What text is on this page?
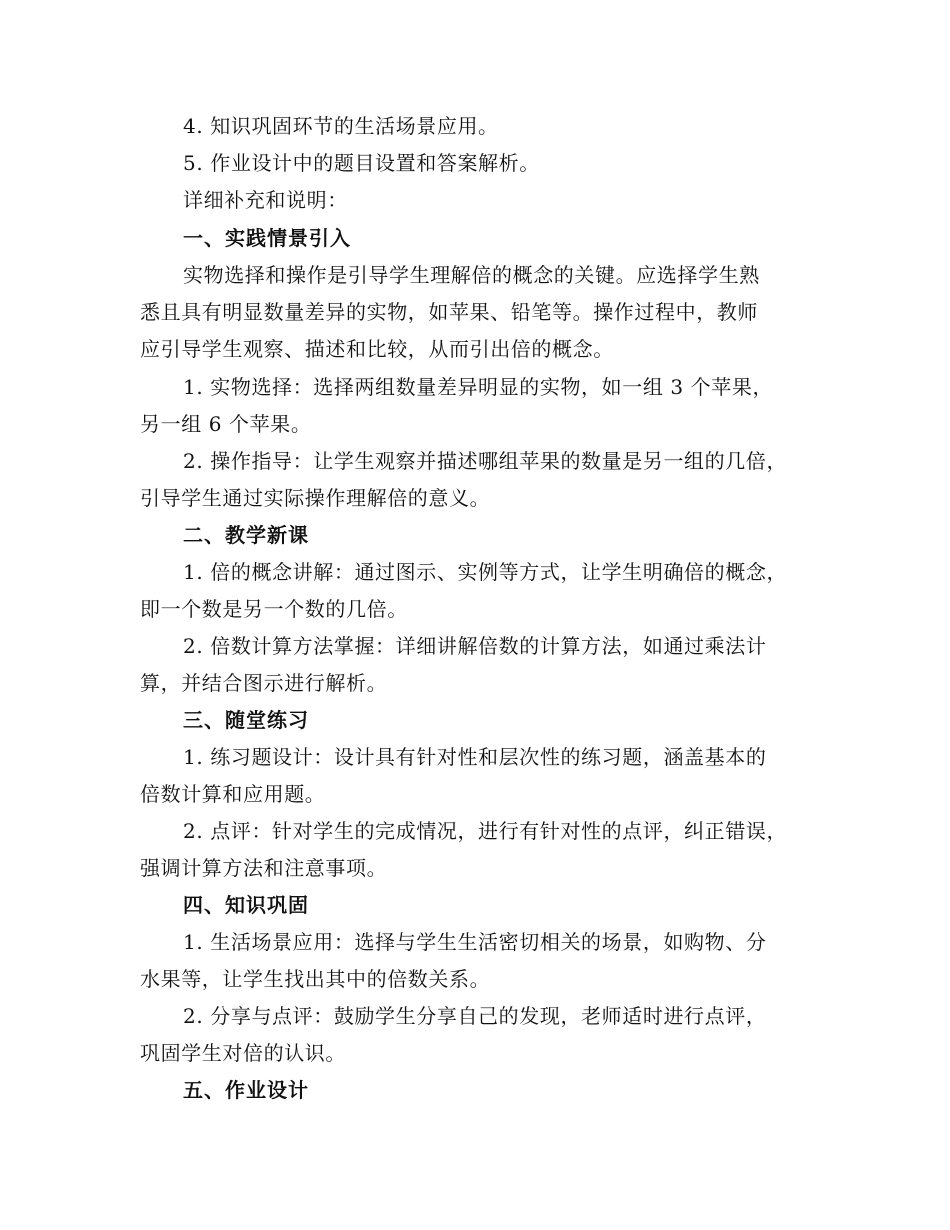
4. 知识巩固环节的生活场景应用。
5. 作业设计中的题目设置和答案解析。
详细补充和说明：
一、实践情景引入
实物选择和操作是引导学生理解倍的概念的关键。应选择学生熟
悉且具有明显数量差异的实物，如苹果、铅笔等。操作过程中，教师
应引导学生观察、描述和比较，从而引出倍的概念。
1. 实物选择：选择两组数量差异明显的实物，如一组 3 个苹果，
另一组 6 个苹果。
2. 操作指导：让学生观察并描述哪组苹果的数量是另一组的几倍，
引导学生通过实际操作理解倍的意义。
二、教学新课
1. 倍的概念讲解：通过图示、实例等方式，让学生明确倍的概念，
即一个数是另一个数的几倍。
2. 倍数计算方法掌握：详细讲解倍数的计算方法，如通过乘法计
算，并结合图示进行解析。
三、随堂练习
1. 练习题设计：设计具有针对性和层次性的练习题，涵盖基本的
倍数计算和应用题。
2. 点评：针对学生的完成情况，进行有针对性的点评，纠正错误，
强调计算方法和注意事项。
四、知识巩固
1. 生活场景应用：选择与学生生活密切相关的场景，如购物、分
水果等，让学生找出其中的倍数关系。
2. 分享与点评：鼓励学生分享自己的发现，老师适时进行点评，
巩固学生对倍的认识。
五、作业设计
